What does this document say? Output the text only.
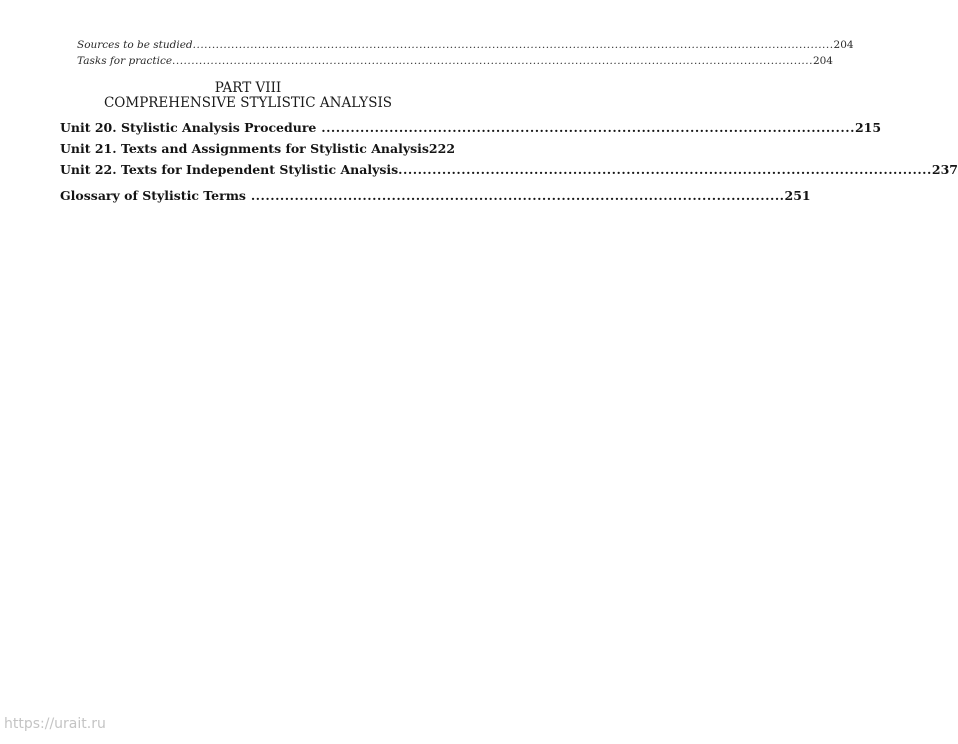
Sources to be studied ....................................................................................................................................................................... 204
Tasks for practice ....................................................................................................................................................................... 204
PART VIII
COMPREHENSIVE STYLISTIC ANALYSIS
Unit 20. Stylistic Analysis Procedure .............................................................................................................. 215
Unit 21. Texts and Assignments for Stylistic Analysis 222
Unit 22. Texts for Independent Stylistic Analysis .............................................................................................................. 237
Glossary of Stylistic Terms .............................................................................................................. 251
https://urait.ru
